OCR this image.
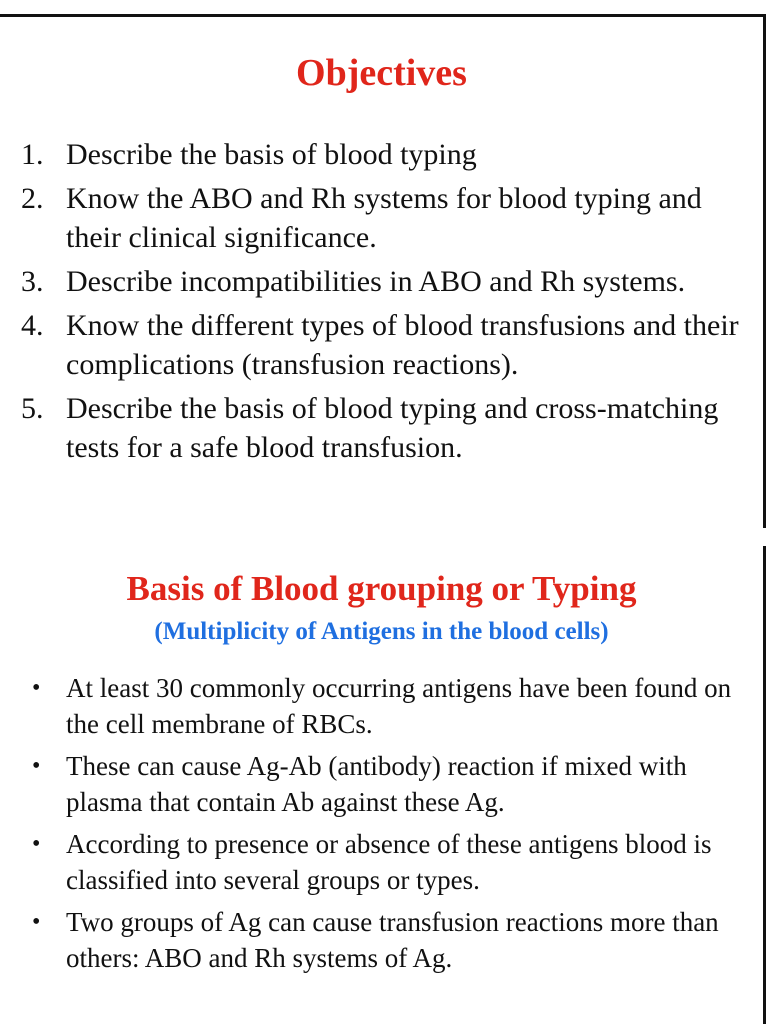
Objectives
1. Describe the basis of blood typing
2. Know the ABO and Rh systems for blood typing and their clinical significance.
3. Describe incompatibilities in ABO and Rh systems.
4. Know the different types of blood transfusions and their complications (transfusion reactions).
5. Describe the basis of blood typing and cross-matching tests for a safe blood transfusion.
Basis of Blood grouping or Typing

(Multiplicity of Antigens in the blood cells)

• At least 30 commonly occurring antigens have been found on the cell membrane of RBCs.
• These can cause Ag-Ab (antibody) reaction if mixed with plasma that contain Ab against these Ag.
• According to presence or absence of these antigens blood is classified into several groups or types.
• Two groups of Ag can cause transfusion reactions more than others: ABO and Rh systems of Ag.
